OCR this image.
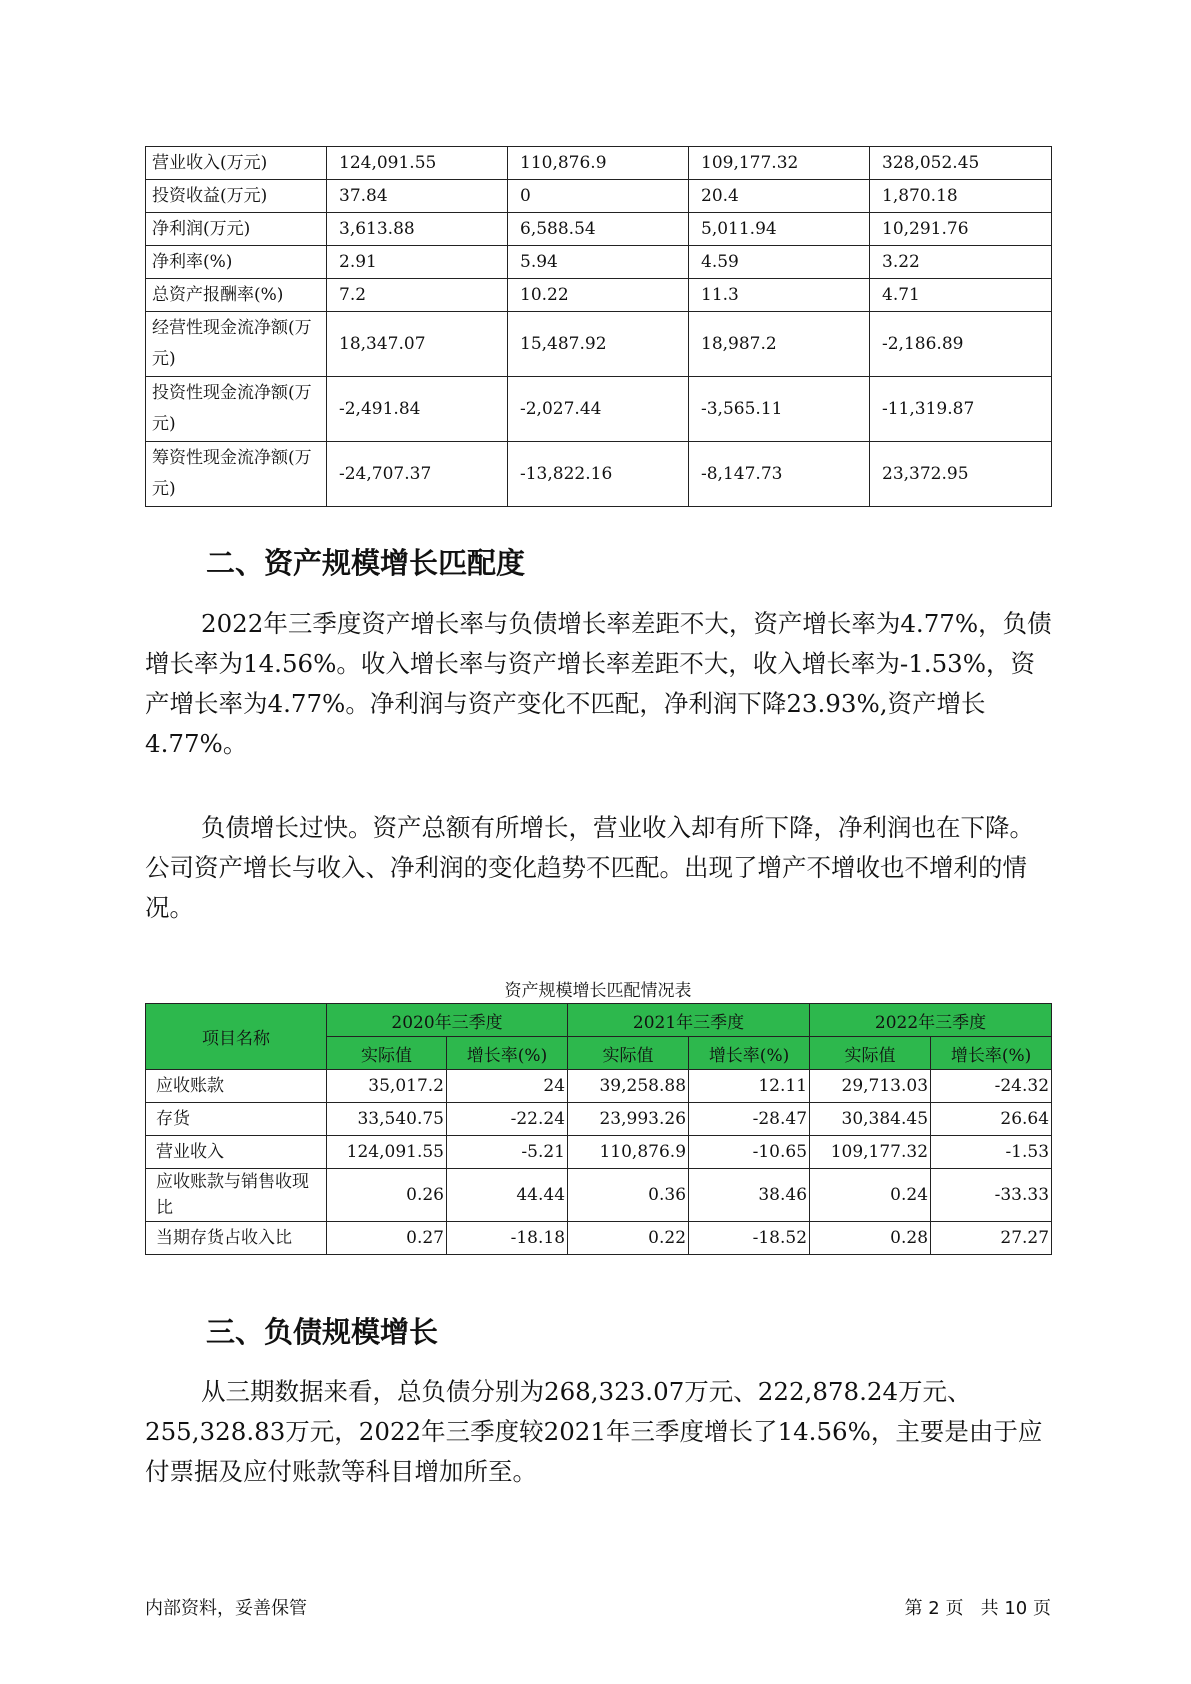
营业收入(万元)	124,091.55	110,876.9	109,177.32	328,052.45
投资收益(万元)	37.84	0	20.4	1,870.18
净利润(万元)	3,613.88	6,588.54	5,011.94	10,291.76
净利率(%)	2.91	5.94	4.59	3.22
总资产报酬率(%)	7.2	10.22	11.3	4.71
经营性现金流净额(万元)	18,347.07	15,487.92	18,987.2	-2,186.89
投资性现金流净额(万元)	-2,491.84	-2,027.44	-3,565.11	-11,319.87
筹资性现金流净额(万元)	-24,707.37	-13,822.16	-8,147.73	23,372.95
二、资产规模增长匹配度

2022年三季度资产增长率与负债增长率差距不大，资产增长率为4.77%，负债增长率为14.56%。收入增长率与资产增长率差距不大，收入增长率为-1.53%，资产增长率为4.77%。净利润与资产变化不匹配，净利润下降23.93%,资产增长4.77%。

负债增长过快。资产总额有所增长，营业收入却有所下降，净利润也在下降。公司资产增长与收入、净利润的变化趋势不匹配。出现了增产不增收也不增利的情况。

资产规模增长匹配情况表
项目名称	2020年三季度		2021年三季度		2022年三季度	
	实际值	增长率(%)	实际值	增长率(%)	实际值	增长率(%)
应收账款	35,017.2	24	39,258.88	12.11	29,713.03	-24.32
存货	33,540.75	-22.24	23,993.26	-28.47	30,384.45	26.64
营业收入	124,091.55	-5.21	110,876.9	-10.65	109,177.32	-1.53
应收账款与销售收现比	0.26	44.44	0.36	38.46	0.24	-33.33
当期存货占收入比	0.27	-18.18	0.22	-18.52	0.28	27.27
三、负债规模增长

从三期数据来看，总负债分别为268,323.07万元、222,878.24万元、255,328.83万元，2022年三季度较2021年三季度增长了14.56%，主要是由于应付票据及应付账款等科目增加所至。

内部资料，妥善保管	第 2 页   共 10 页
